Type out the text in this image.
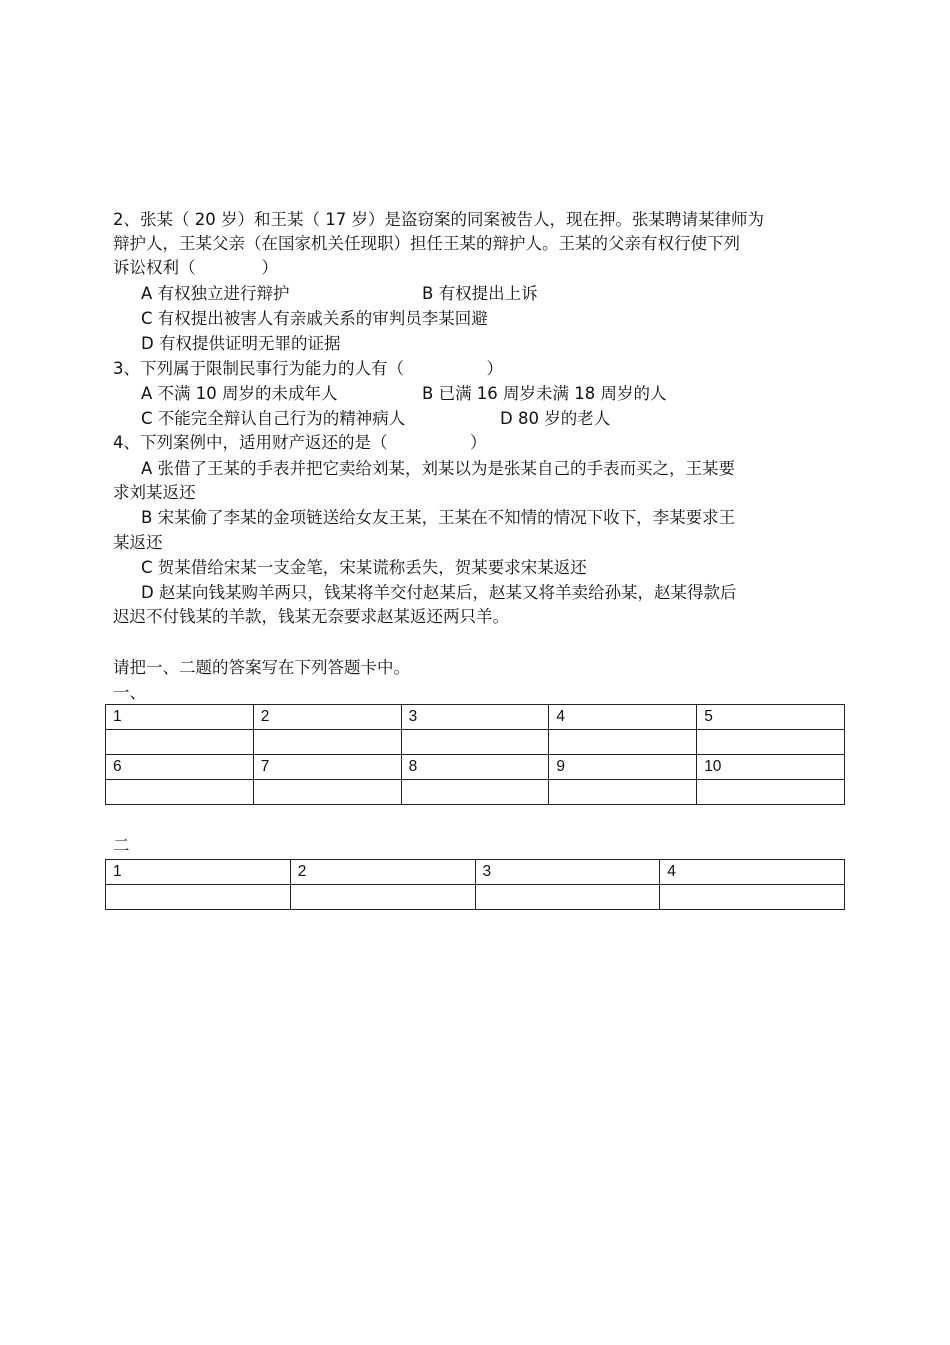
2、张某（ 20 岁）和王某（ 17 岁）是盗窃案的同案被告人，现在押。张某聘请某律师为
辩护人，王某父亲（在国家机关任现职）担任王某的辩护人。王某的父亲有权行使下列
诉讼权利（　　　　）
A 有权独立进行辩护	B 有权提出上诉
C 有权提出被害人有亲戚关系的审判员李某回避
D 有权提供证明无罪的证据
3、下列属于限制民事行为能力的人有（　　　　　）
A 不满 10 周岁的未成年人	B 已满 16 周岁未满 18 周岁的人
C 不能完全辩认自己行为的精神病人	D 80 岁的老人
4、下列案例中，适用财产返还的是（　　　　　）
A 张借了王某的手表并把它卖给刘某，刘某以为是张某自己的手表而买之，王某要
求刘某返还
B 宋某偷了李某的金项链送给女友王某，王某在不知情的情况下收下，李某要求王
某返还
C 贺某借给宋某一支金笔，宋某谎称丢失，贺某要求宋某返还
D 赵某向钱某购羊两只，钱某将羊交付赵某后，赵某又将羊卖给孙某，赵某得款后
迟迟不付钱某的羊款，钱某无奈要求赵某返还两只羊。
请把一、二题的答案写在下列答题卡中。
一、
1	2	3	4	5

6	7	8	9	10

二
1	2	3	4
